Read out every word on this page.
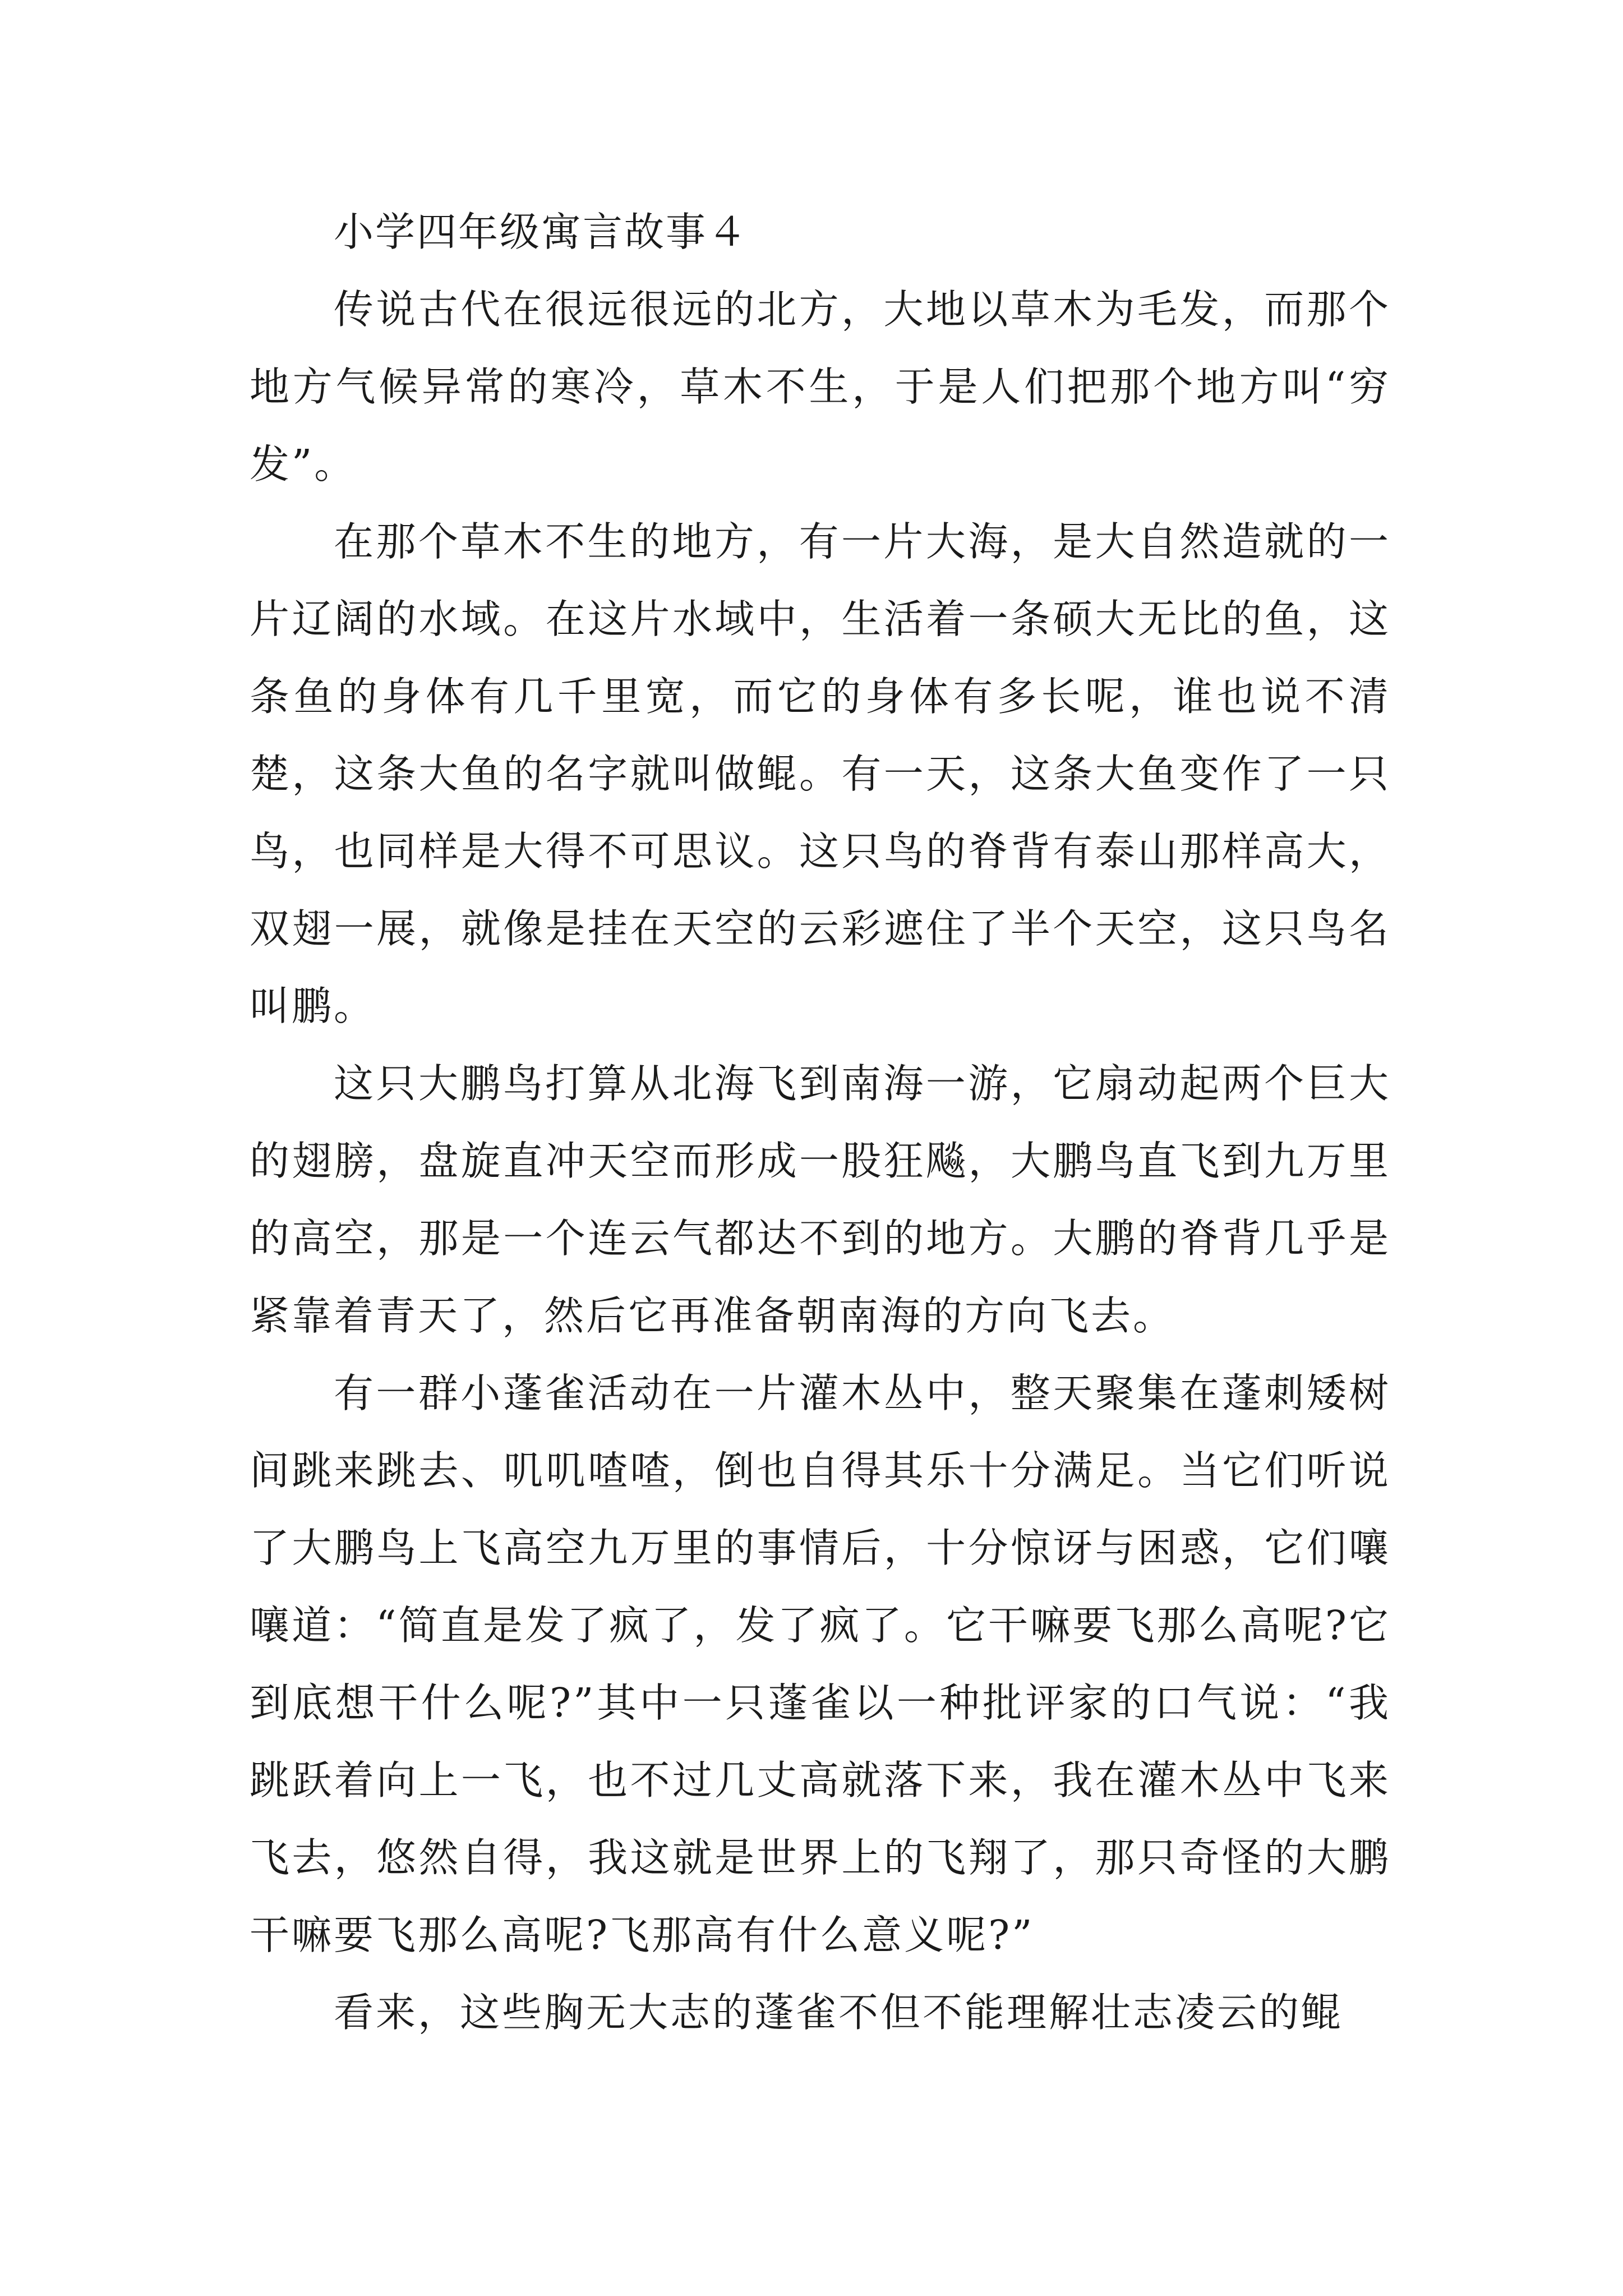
小学四年级寓言故事４

传说古代在很远很远的北方，大地以草木为毛发，而那个地方气候异常的寒冷，草木不生，于是人们把那个地方叫“穷发”。

在那个草木不生的地方，有一片大海，是大自然造就的一片辽阔的水域。在这片水域中，生活着一条硕大无比的鱼，这条鱼的身体有几千里宽，而它的身体有多长呢，谁也说不清楚，这条大鱼的名字就叫做鲲。有一天，这条大鱼变作了一只鸟，也同样是大得不可思议。这只鸟的脊背有泰山那样高大，双翅一展，就像是挂在天空的云彩遮住了半个天空，这只鸟名叫鹏。

这只大鹏鸟打算从北海飞到南海一游，它扇动起两个巨大的翅膀，盘旋直冲天空而形成一股狂飚，大鹏鸟直飞到九万里的高空，那是一个连云气都达不到的地方。大鹏的脊背几乎是紧靠着青天了，然后它再准备朝南海的方向飞去。

有一群小蓬雀活动在一片灌木丛中，整天聚集在蓬刺矮树间跳来跳去、叽叽喳喳，倒也自得其乐十分满足。当它们听说了大鹏鸟上飞高空九万里的事情后，十分惊讶与困惑，它们嚷嚷道：“简直是发了疯了，发了疯了。它干嘛要飞那么高呢?它到底想干什么呢?”其中一只蓬雀以一种批评家的口气说：“我跳跃着向上一飞，也不过几丈高就落下来，我在灌木丛中飞来飞去，悠然自得，我这就是世界上的飞翔了，那只奇怪的大鹏干嘛要飞那么高呢?飞那高有什么意义呢?”

看来，这些胸无大志的蓬雀不但不能理解壮志凌云的鲲
